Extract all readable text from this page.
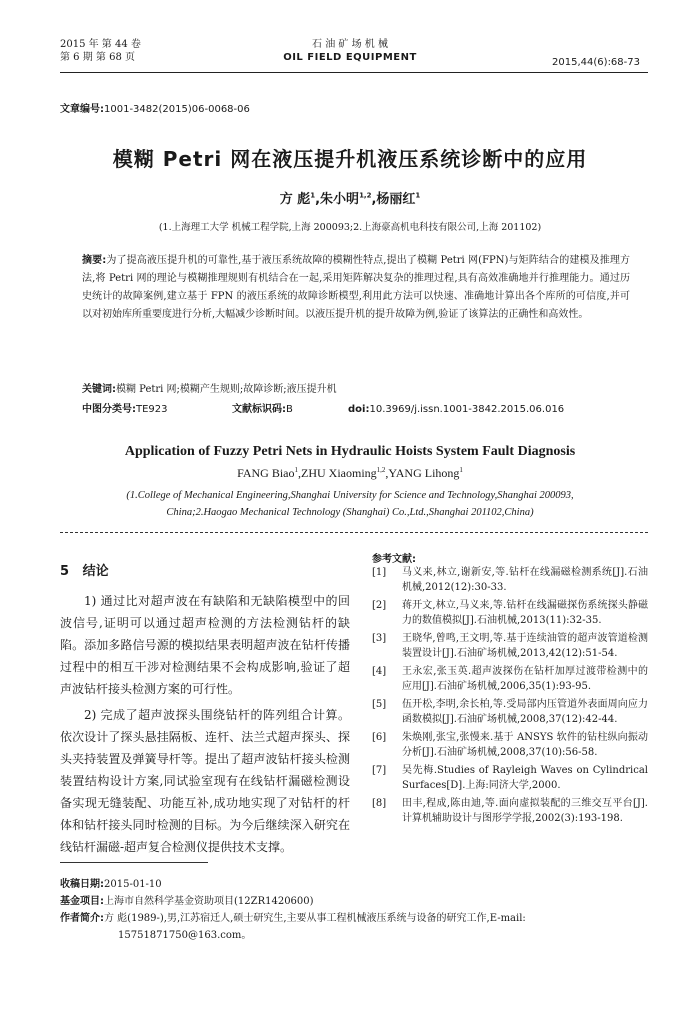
2015 年 第 44 卷
第 6 期 第 68 页
石 油 矿 场 机 械
OIL FIELD EQUIPMENT	2015,44(6):68-73
文章编号:1001-3482(2015)06-0068-06
模糊 Petri 网在液压提升机液压系统诊断中的应用
方 彪$^1$,朱小明$^{1,2}$,杨丽红$^1$
(1.上海理工大学 机械工程学院,上海 200093;2.上海豪高机电科技有限公司,上海 201102)
摘要:为了提高液压提升机的可靠性,基于液压系统故障的模糊性特点,提出了模糊 Petri 网(FPN)与矩阵结合的建模及推理方法,将 Petri 网的理论与模糊推理规则有机结合在一起,采用矩阵解决复杂的推理过程,具有高效准确地并行推理能力。通过历史统计的故障案例,建立基于 FPN 的液压系统的故障诊断模型,利用此方法可以快速、准确地计算出各个库所的可信度,并可以对初始库所重要度进行分析,大幅减少诊断时间。以液压提升机的提升故障为例,验证了该算法的正确性和高效性。
关键词:模糊 Petri 网;模糊产生规则;故障诊断;液压提升机
中图分类号:TE923	文献标识码:B	doi:10.3969/j.issn.1001-3842.2015.06.016
Application of Fuzzy Petri Nets in Hydraulic Hoists System Fault Diagnosis
FANG Biao$^1$,ZHU Xiaoming$^{1,2}$,YANG Lihong$^1$
(1.College of Mechanical Engineering,Shanghai University for Science and Technology,Shanghai 200093,
China;2.Haogao Mechanical Technology (Shanghai) Co.,Ltd.,Shanghai 201102,China)
5 结论

1) 通过比对超声波在有缺陷和无缺陷模型中的回波信号,证明可以通过超声检测的方法检测钻杆的缺陷。添加多路信号源的模拟结果表明超声波在钻杆传播过程中的相互干涉对检测结果不会构成影响,验证了超声波钻杆接头检测方案的可行性。

2) 完成了超声波探头围绕钻杆的阵列组合计算。依次设计了探头悬挂隔板、连杆、法兰式超声探头、探头夹持装置及弹簧导杆等。提出了超声波钻杆接头检测装置结构设计方案,同试验室现有在线钻杆漏磁检测设备实现无缝装配、功能互补,成功地实现了对钻杆的杆体和钻杆接头同时检测的目标。为今后继续深入研究在线钻杆漏磁-超声复合检测仪提供技术支撑。

参考文献:
[1] 马义来,林立,谢新安,等.钻杆在线漏磁检测系统[J].石油机械,2012(12):30-33.
[2] 蒋开文,林立,马义来,等.钻杆在线漏磁探伤系统探头静磁力的数值模拟[J].石油机械,2013(11):32-35.
[3] 王晓华,曾鸣,王文明,等.基于连续油管的超声波管道检测装置设计[J].石油矿场机械,2013,42(12):51-54.
[4] 王永宏,张玉英.超声波探伤在钻杆加厚过渡带检测中的应用[J].石油矿场机械,2006,35(1):93-95.
[5] 伍开松,李明,余长柏,等.受局部内压管道外表面周向应力函数模拟[J].石油矿场机械,2008,37(12):42-44.
[6] 朱焕刚,张宝,张慢来.基于 ANSYS 软件的钻柱纵向振动分析[J].石油矿场机械,2008,37(10):56-58.
[7] 吴先梅.Studies of Rayleigh Waves on Cylindrical Surfaces[D].上海:同济大学,2000.
[8] 田丰,程成,陈由迪,等.面向虚拟装配的三维交互平台[J].计算机辅助设计与图形学学报,2002(3):193-198.
收稿日期:2015-01-10
基金项目:上海市自然科学基金资助项目(12ZR1420600)
作者简介:方 彪(1989-),男,江苏宿迁人,硕士研究生,主要从事工程机械液压系统与设备的研究工作,E-mail:
15751871750@163.com。
